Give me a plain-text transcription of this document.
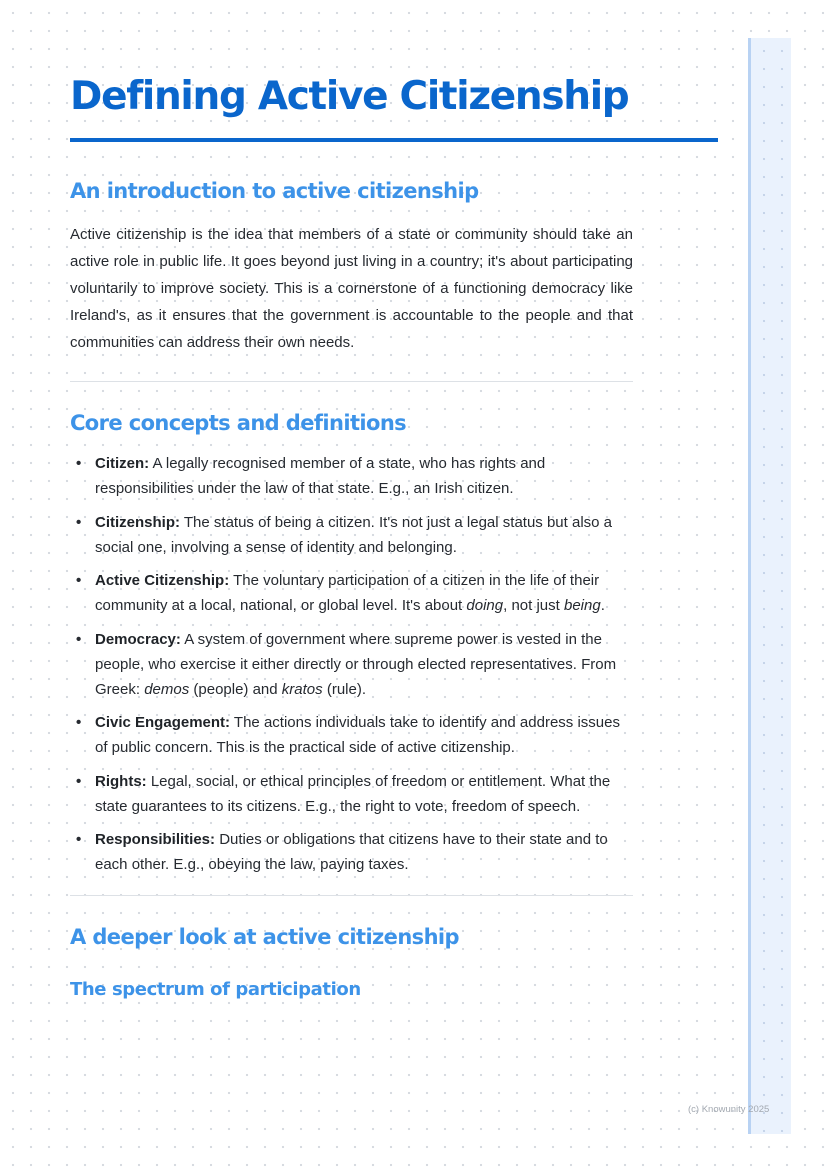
Defining Active Citizenship
An introduction to active citizenship

Active citizenship is the idea that members of a state or community should take an active role in public life. It goes beyond just living in a country; it's about participating voluntarily to improve society. This is a cornerstone of a functioning democracy like Ireland's, as it ensures that the government is accountable to the people and that communities can address their own needs.

Core concepts and definitions
• Citizen: A legally recognised member of a state, who has rights and responsibilities under the law of that state. E.g., an Irish citizen.
• Citizenship: The status of being a citizen. It's not just a legal status but also a social one, involving a sense of identity and belonging.
• Active Citizenship: The voluntary participation of a citizen in the life of their community at a local, national, or global level. It's about doing, not just being.
• Democracy: A system of government where supreme power is vested in the people, who exercise it either directly or through elected representatives. From Greek: demos (people) and kratos (rule).
• Civic Engagement: The actions individuals take to identify and address issues of public concern. This is the practical side of active citizenship.
• Rights: Legal, social, or ethical principles of freedom or entitlement. What the state guarantees to its citizens. E.g., the right to vote, freedom of speech.
• Responsibilities: Duties or obligations that citizens have to their state and to each other. E.g., obeying the law, paying taxes.
A deeper look at active citizenship
The spectrum of participation
(c) Knowunity 2025
